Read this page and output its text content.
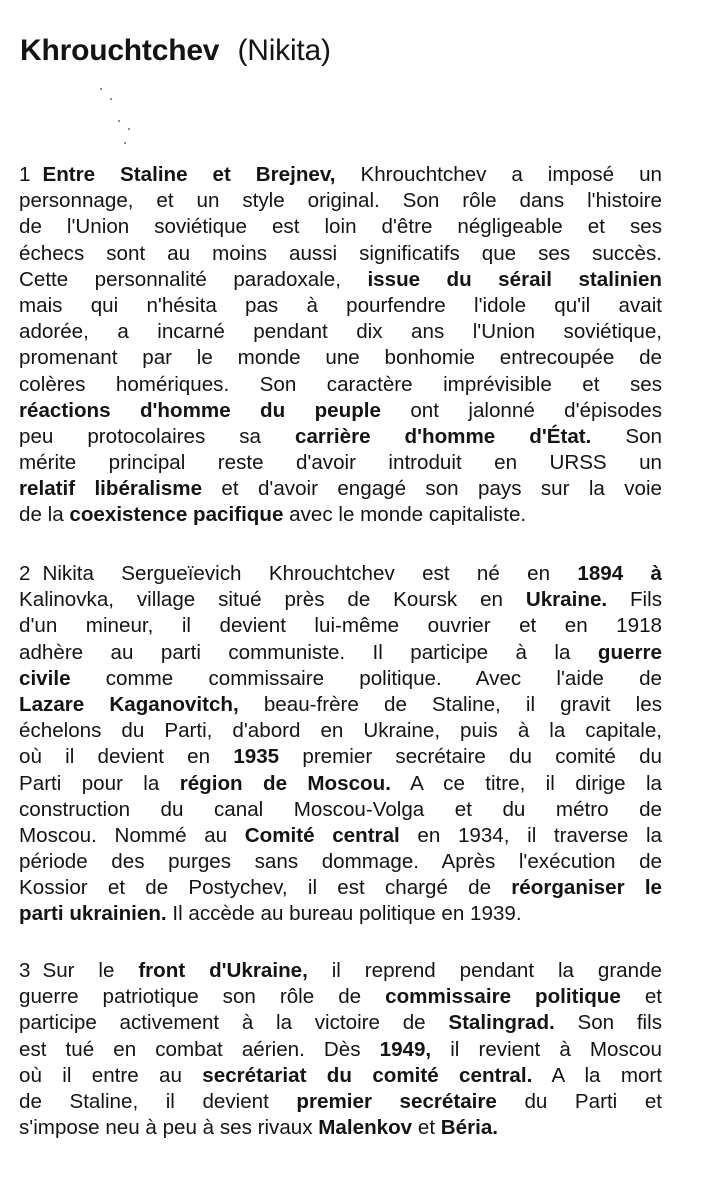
Khrouchtchev (Nikita)
1 Entre Staline et Brejnev, Khrouchtchev a imposé un
personnage, et un style original. Son rôle dans l'histoire
de l'Union soviétique est loin d'être négligeable et ses
échecs sont au moins aussi significatifs que ses succès.
Cette personnalité paradoxale, issue du sérail stalinien
mais qui n'hésita pas à pourfendre l'idole qu'il avait
adorée, a incarné pendant dix ans l'Union soviétique,
promenant par le monde une bonhomie entrecoupée de
colères homériques. Son caractère imprévisible et ses
réactions d'homme du peuple ont jalonné d'épisodes
peu protocolaires sa carrière d'homme d'État. Son
mérite principal reste d'avoir introduit en URSS un
relatif libéralisme et d'avoir engagé son pays sur la voie
de la coexistence pacifique avec le monde capitaliste.
2 Nikita Sergueïevich Khrouchtchev est né en 1894 à
Kalinovka, village situé près de Koursk en Ukraine. Fils
d'un mineur, il devient lui-même ouvrier et en 1918
adhère au parti communiste. Il participe à la guerre
civile comme commissaire politique. Avec l'aide de
Lazare Kaganovitch, beau-frère de Staline, il gravit les
échelons du Parti, d'abord en Ukraine, puis à la capitale,
où il devient en 1935 premier secrétaire du comité du
Parti pour la région de Moscou. A ce titre, il dirige la
construction du canal Moscou-Volga et du métro de
Moscou. Nommé au Comité central en 1934, il traverse la
période des purges sans dommage. Après l'exécution de
Kossior et de Postychev, il est chargé de réorganiser le
parti ukrainien. Il accède au bureau politique en 1939.
3 Sur le front d'Ukraine, il reprend pendant la grande
guerre patriotique son rôle de commissaire politique et
participe activement à la victoire de Stalingrad. Son fils
est tué en combat aérien. Dès 1949, il revient à Moscou
où il entre au secrétariat du comité central. A la mort
de Staline, il devient premier secrétaire du Parti et
s'impose neu à peu à ses rivaux Malenkov et Béria.
